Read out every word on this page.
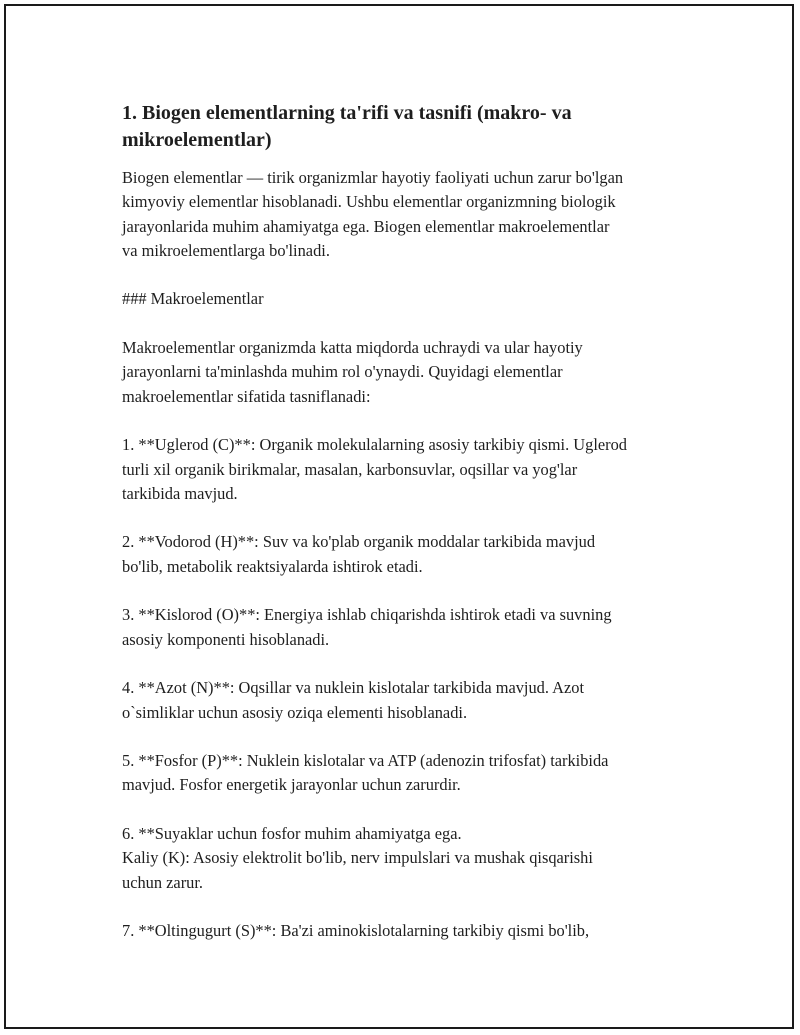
1. Biogen elementlarning ta'rifi va tasnifi (makro- va
mikroelementlar)
Biogen elementlar — tirik organizmlar hayotiy faoliyati uchun zarur bo'lgan
kimyoviy elementlar hisoblanadi. Ushbu elementlar organizmning biologik
jarayonlarida muhim ahamiyatga ega. Biogen elementlar makroelementlar
va mikroelementlarga bo'linadi.
### Makroelementlar
Makroelementlar organizmda katta miqdorda uchraydi va ular hayotiy
jarayonlarni ta'minlashda muhim rol o'ynaydi. Quyidagi elementlar
makroelementlar sifatida tasniflanadi:
1. **Uglerod (C)**: Organik molekulalarning asosiy tarkibiy qismi. Uglerod
turli xil organik birikmalar, masalan, karbonsuvlar, oqsillar va yog'lar
tarkibida mavjud.
2. **Vodorod (H)**: Suv va ko'plab organik moddalar tarkibida mavjud
bo'lib, metabolik reaktsiyalarda ishtirok etadi.
3. **Kislorod (O)**: Energiya ishlab chiqarishda ishtirok etadi va suvning
asosiy komponenti hisoblanadi.
4. **Azot (N)**: Oqsillar va nuklein kislotalar tarkibida mavjud. Azot
o`simliklar uchun asosiy oziqa elementi hisoblanadi.
5. **Fosfor (P)**: Nuklein kislotalar va ATP (adenozin trifosfat) tarkibida
mavjud. Fosfor energetik jarayonlar uchun zarurdir.
6. **Suyaklar uchun fosfor muhim ahamiyatga ega.
Kaliy (K): Asosiy elektrolit bo'lib, nerv impulslari va mushak qisqarishi
uchun zarur.
7. **Oltingugurt (S)**: Ba'zi aminokislotalarning tarkibiy qismi bo'lib,
